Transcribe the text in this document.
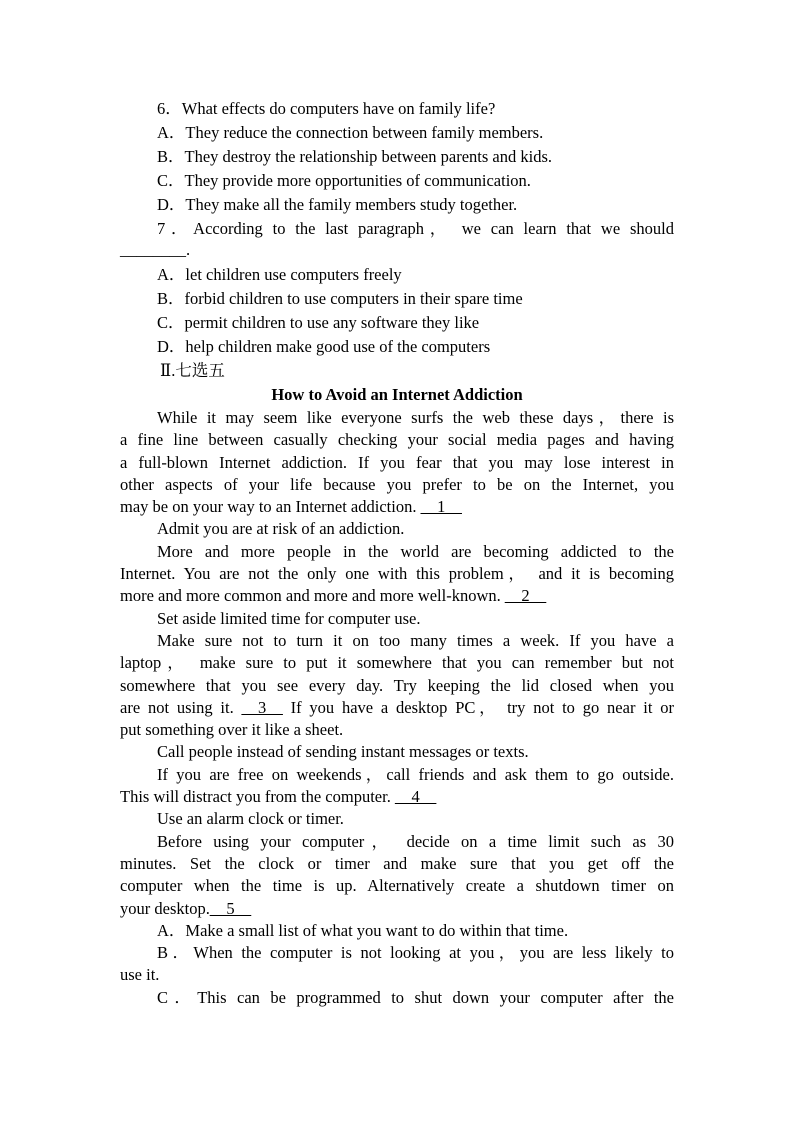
6．What effects do computers have on family life?
A．They reduce the connection between family members.
B．They destroy the relationship between parents and kids.
C．They provide more opportunities of communication.
D．They make all the family members study together.
7．According to the last paragraph， we can learn that we should
________.
A．let children use computers freely
B．forbid children to use computers in their spare time
C．permit children to use any software they like
D．help children make good use of the computers
Ⅱ.七选五
How to Avoid an Internet Addiction
While it may seem like everyone surfs the web these days，there is
a fine line between casually checking your social media pages and having
a full-blown Internet addiction. If you fear that you may lose interest in
other aspects of your life because you prefer to be on the Internet, you
may be on your way to an Internet addiction. __1__
Admit you are at risk of an addiction.
More and more people in the world are becoming addicted to the
Internet. You are not the only one with this problem， and it is becoming
more and more common and more and more well-known. __2__
Set aside limited time for computer use.
Make sure not to turn it on too many times a week. If you have a
laptop， make sure to put it somewhere that you can remember but not
somewhere that you see every day. Try keeping the lid closed when you
are not using it. __3__ If you have a desktop PC， try not to go near it or
put something over it like a sheet.
Call people instead of sending instant messages or texts.
If you are free on weekends，call friends and ask them to go outside.
This will distract you from the computer. __4__
Use an alarm clock or timer.
Before using your computer， decide on a time limit such as 30
minutes. Set the clock or timer and make sure that you get off the
computer when the time is up. Alternatively create a shutdown timer on
your desktop.__5__
A．Make a small list of what you want to do within that time.
B．When the computer is not looking at you，you are less likely to
use it.
C．This can be programmed to shut down your computer after the
